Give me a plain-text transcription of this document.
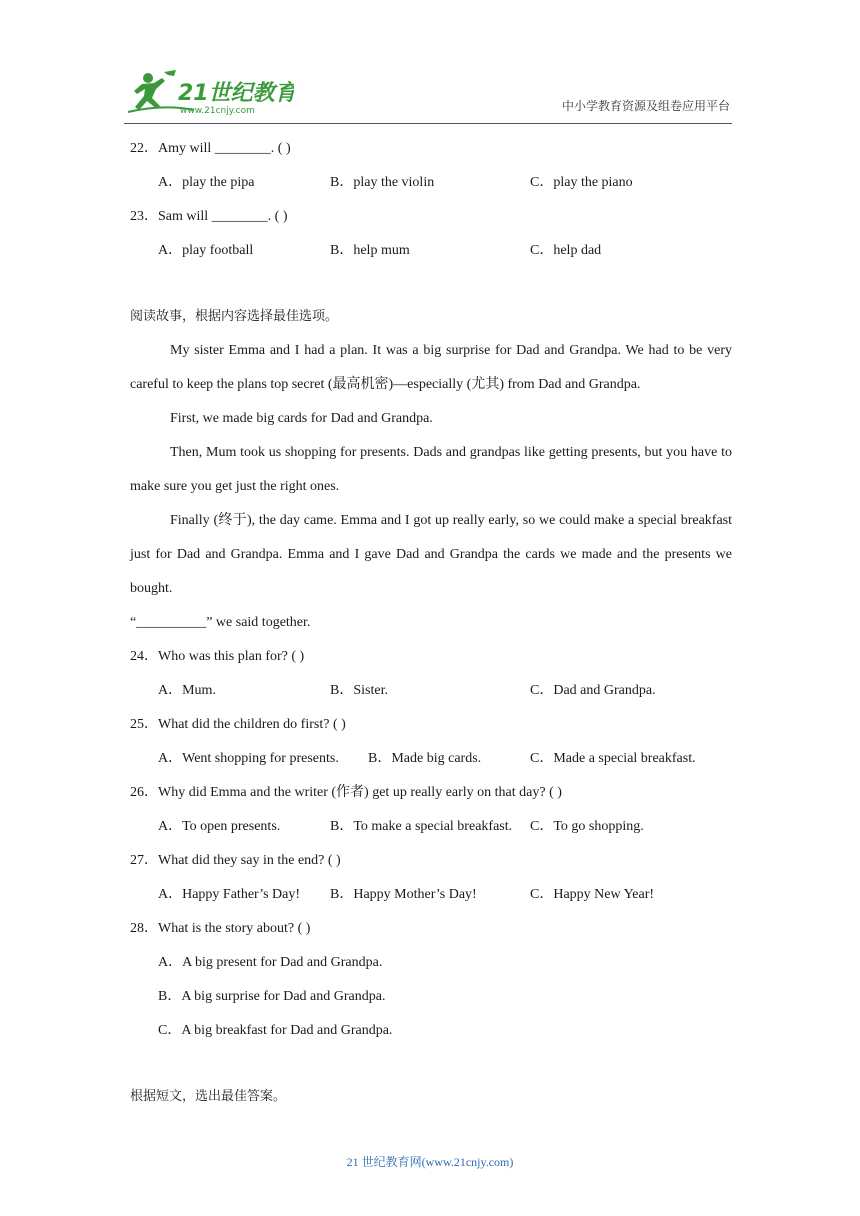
21世纪教育
www.21cnjy.com	中小学教育资源及组卷应用平台
22．Amy will ________. ( )
A．play the pipa	B．play the violin	C．play the piano
23．Sam will ________. ( )
A．play football	B．help mum	C．help dad
阅读故事，根据内容选择最佳选项。
My sister Emma and I had a plan. It was a big surprise for Dad and Grandpa. We had to be very careful to keep the plans top secret (最高机密)—especially (尤其) from Dad and Grandpa.
First, we made big cards for Dad and Grandpa.
Then, Mum took us shopping for presents. Dads and grandpas like getting presents, but you have to make sure you get just the right ones.
Finally (终于), the day came. Emma and I got up really early, so we could make a special breakfast just for Dad and Grandpa. Emma and I gave Dad and Grandpa the cards we made and the presents we bought.
“__________” we said together.
24．Who was this plan for? ( )
A．Mum.	B．Sister.	C．Dad and Grandpa.
25．What did the children do first? ( )
A．Went shopping for presents. B．Made big cards.	C．Made a special breakfast.
26．Why did Emma and the writer (作者) get up really early on that day? ( )
A．To open presents.	B．To make a special breakfast. C．To go shopping.
27．What did they say in the end? ( )
A．Happy Father’s Day! B．Happy Mother’s Day!	C．Happy New Year!
28．What is the story about? ( )
A．A big present for Dad and Grandpa.
B．A big surprise for Dad and Grandpa.
C．A big breakfast for Dad and Grandpa.
根据短文，选出最佳答案。
21 世纪教育网(www.21cnjy.com)
